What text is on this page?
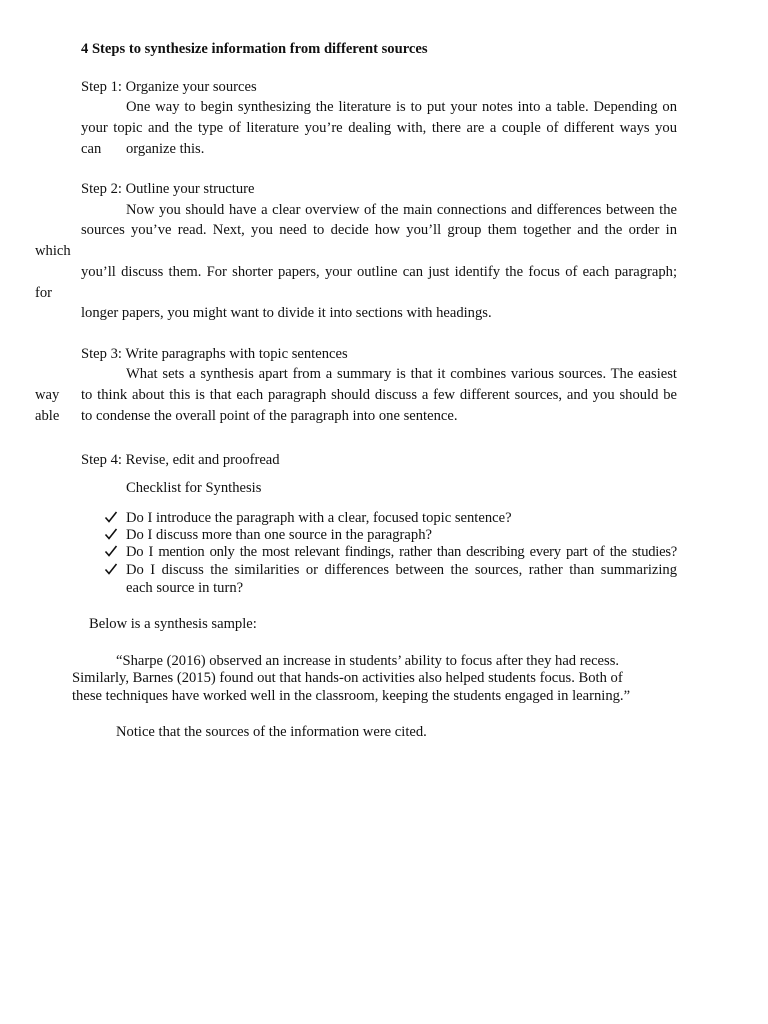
4 Steps to synthesize information from different sources
Step 1: Organize your sources
One way to begin synthesizing the literature is to put your notes into a table. Depending on
your topic and the type of literature you’re dealing with, there are a couple of different ways you
can organize this.
Step 2: Outline your structure
Now you should have a clear overview of the main connections and differences between the
sources you’ve read. Next, you need to decide how you’ll group them together and the order in
which
you’ll discuss them. For shorter papers, your outline can just identify the focus of each paragraph;
for
longer papers, you might want to divide it into sections with headings.
Step 3: Write paragraphs with topic sentences
What sets a synthesis apart from a summary is that it combines various sources. The easiest
way to think about this is that each paragraph should discuss a few different sources, and you should be
able to condense the overall point of the paragraph into one sentence.
Step 4: Revise, edit and proofread
Checklist for Synthesis
Do I introduce the paragraph with a clear, focused topic sentence?
Do I discuss more than one source in the paragraph?
Do I mention only the most relevant findings, rather than describing every part of the studies?
Do I discuss the similarities or differences between the sources, rather than summarizing
each source in turn?
Below is a synthesis sample:
“Sharpe (2016) observed an increase in students’ ability to focus after they had recess.
Similarly, Barnes (2015) found out that hands-on activities also helped students focus. Both of
these techniques have worked well in the classroom, keeping the students engaged in learning.”
Notice that the sources of the information were cited.
